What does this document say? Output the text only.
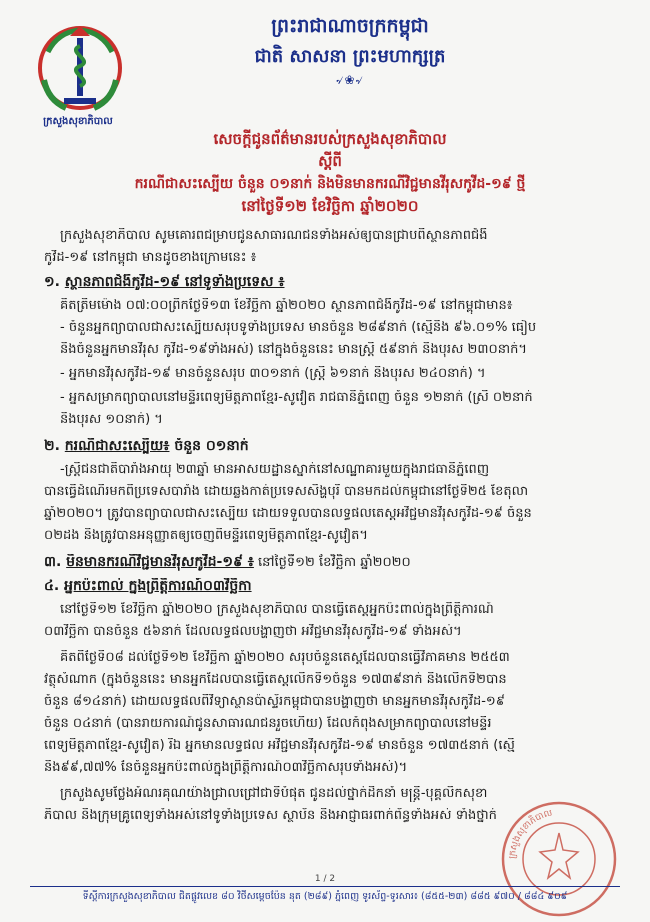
ក្រសួងសុខាភិបាល
ព្រះរាជាណាចក្រកម្ពុជា
ជាតិ សាសនា ព្រះមហាក្សត្រ
৵❀৵
សេចក្តីជូនព័ត៌មានរបស់ក្រសួងសុខាភិបាល
ស្តីពី
ករណីជាសះស្បើយ ចំនួន ០១នាក់ និងមិនមានករណីវិជ្ជមានវីរុសកូវីដ-១៩ ថ្មី
នៅថ្ងៃទី១២ ខែវិច្ឆិកា ឆ្នាំ២០២០
ក្រសួងសុខាភិបាល សូមគោរពជម្រាបជូនសាធារណជនទាំងអស់ឲ្យបានជ្រាបពីស្ថានភាពជំងឺ
កូវីដ-១៩ នៅកម្ពុជា មានដូចខាងក្រោមនេះ ៖
១. ស្ថានភាពជំងឺកូវីដ-១៩ នៅទូទាំងប្រទេស ៖
គិតត្រឹមម៉ោង ០៧:០០ព្រឹកថ្ងៃទី១៣ ខែវិច្ឆិកា ឆ្នាំ២០២០ ស្ថានភាពជំងឺកូវីដ-១៩ នៅកម្ពុជាមាន៖
- ចំនួនអ្នកព្យាបាលជាសះស្បើយសរុបទូទាំងប្រទេស មានចំនួន ២៨៩នាក់ (ស្មើនឹង ៩៦.០១% ធៀប
នឹងចំនួនអ្នកមានវីរុស កូវីដ-១៩ទាំងអស់) នៅក្នុងចំនួននេះ មានស្រ្តី ៥៩នាក់ និងបុរស ២៣០នាក់។
- អ្នកមានវីរុសកូវីដ-១៩ មានចំនួនសរុប ៣០១នាក់ (ស្ត្រី ៦១នាក់ និងបុរស ២៤០នាក់) ។
- អ្នកសម្រាកព្យាបាលនៅមន្ទីរពេទ្យមិត្តភាពខ្មែរ-សូវៀត រាជធានីភ្នំពេញ ចំនួន ១២នាក់ (ស្រី ០២នាក់
និងបុរស ១០នាក់) ។
២. ករណីជាសះស្បើយ៖ ចំនួន ០១នាក់
-ស្រ្តីជនជាតិបារាំងអាយុ ២៣ឆ្នាំ មានអាសយដ្ឋានស្នាក់នៅសណ្ឋាគារមួយក្នុងរាជធានីភ្នំពេញ
បានធ្វើដំណើរមកពីប្រទេសបារាំង ដោយឆ្លងកាត់ប្រទេសសិង្ហបុរី បានមកដល់កម្ពុជានៅថ្ងៃទី២៥ ខែតុលា
ឆ្នាំ២០២០។ ត្រូវបានព្យាបាលជាសះស្បើយ ដោយទទួលបានលទ្ធផលតេស្តអវិជ្ជមានវីរុសកូវីដ-១៩ ចំនួន
០២ដង និងត្រូវបានអនុញ្ញាតឲ្យចេញពីមន្ទីរពេទ្យមិត្តភាពខ្មែរ-សូវៀត។
៣. មិនមានករណីវិជ្ជមានវីរុសកូវីដ-១៩ ៖ នៅថ្ងៃទី១២ ខែវិច្ឆិកា ឆ្នាំ២០២០
៤. អ្នកប៉ះពាល់ ក្នុងព្រឹត្តិការណ៍០៣វិច្ឆិកា
នៅថ្ងៃទី១២ ខែវិច្ឆិកា ឆ្នាំ២០២០ ក្រសួងសុខាភិបាល បានធ្វើតេស្តអ្នកប៉ះពាល់ក្នុងព្រឹត្តិការណ៍
០៣វិច្ឆិកា បានចំនួន ៥៦នាក់ ដែលលទ្ធផលបង្ហាញថា អវិជ្ជមានវីរុសកូវីដ-១៩ ទាំងអស់។
គិតពីថ្ងៃទី០៨ ដល់ថ្ងៃទី១២ ខែវិច្ឆិកា ឆ្នាំ២០២០ សរុបចំនួនតេស្តដែលបានធ្វើវិភាគមាន ២៥៥៣
វត្ថុសំណាក (ក្នុងចំនួននេះ មានអ្នកដែលបានធ្វើតេស្តលើកទី១ចំនួន ១៧៣៩នាក់ និងលើកទី២បាន
ចំនួន ៨១៤នាក់) ដោយលទ្ធផលពីវិទ្យាស្ថានប៉ាស្ទ័រកម្ពុជាបានបង្ហាញថា មានអ្នកមានវីរុសកូវីដ-១៩
ចំនួន ០៤នាក់ (បានរាយការណ៍ជូនសាធារណជនរួចហើយ) ដែលកំពុងសម្រាកព្យាបាលនៅមន្ទីរ
ពេទ្យមិត្តភាពខ្មែរ-សូវៀត) រីឯ អ្នកមានលទ្ធផល អវិជ្ជមានវីរុសកូវីដ-១៩ មានចំនួន ១៧៣៥នាក់ (ស្មើ
នឹង៩៩,៧៧% នៃចំនួនអ្នកប៉ះពាល់ក្នុងព្រឹត្តិការណ៍០៣វិច្ឆិកាសរុបទាំងអស់)។
ក្រសួងសូមថ្លែងអំណរគុណយ៉ាងជ្រាលជ្រៅជាទីបំផុត ជូនដល់ថ្នាក់ដឹកនាំ មន្ត្រី-បុគ្គលិកសុខា
ភិបាល និងក្រុមគ្រូពេទ្យទាំងអស់នៅទូទាំងប្រទេស ស្ថាប័ន និងអាជ្ញាធរពាក់ព័ន្ធទាំងអស់ ទាំងថ្នាក់
ក្រសួងសុខាភិបាល
1 / 2
ទីស្តីការក្រសួងសុខាភិបាល ជិតផ្លូវលេខ ៨០ វិថីសម្តេចប៉ែន នុត (២៨៩) ភ្នំពេញ ទូរស័ព្ទ-ទូរសារ៖ (៨៥៥-២៣) ៨៨៥ ៩៧០ / ៨៨៤ ៩០៩
